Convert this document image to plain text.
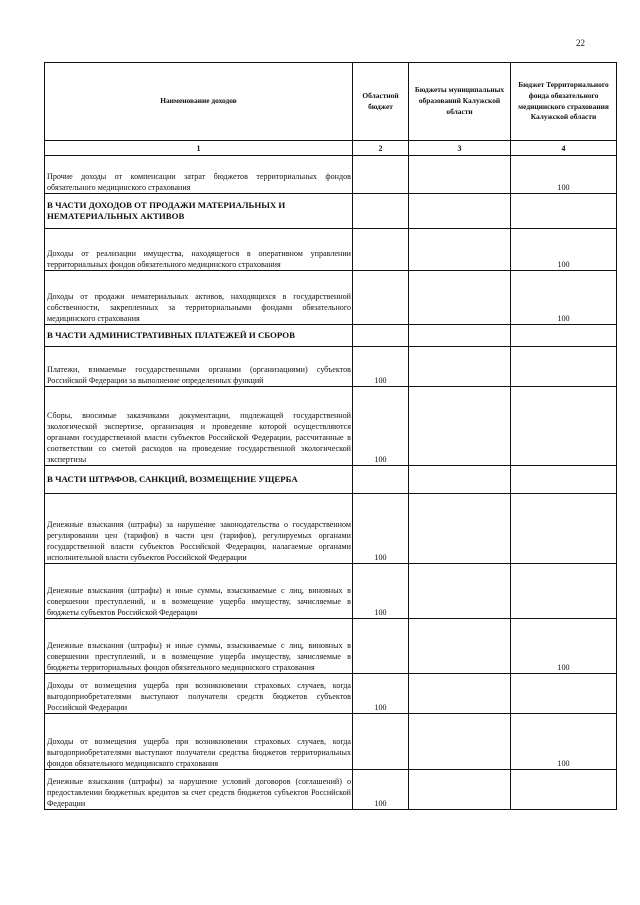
22
Наименование доходов	Областной бюджет	Бюджеты муниципальных образований Калужской области	Бюджет Территориального фонда обязательного медицинского страхования Калужской области
1	2	3	4
Прочие доходы от компенсации затрат бюджетов территориальных фондов обязательного медицинского страхования			100
В ЧАСТИ ДОХОДОВ ОТ ПРОДАЖИ МАТЕРИАЛЬНЫХ И НЕМАТЕРИАЛЬНЫХ АКТИВОВ			
Доходы от реализации имущества, находящегося в оперативном управлении территориальных фондов обязательного медицинского страхования			100
Доходы от продажи нематериальных активов, находящихся в государственной собственности, закрепленных за территориальными фондами обязательного медицинского страхования			100
В ЧАСТИ АДМИНИСТРАТИВНЫХ ПЛАТЕЖЕЙ И СБОРОВ			
Платежи, взимаемые государственными органами (организациями) субъектов Российской Федерации за выполнение определенных функций	100		
Сборы, вносимые заказчиками документации, подлежащей государственной экологической экспертизе, организация и проведение которой осуществляются органами государственной власти субъектов Российской Федерации, рассчитанные в соответствии со сметой расходов на проведение государственной экологической экспертизы	100		
В ЧАСТИ ШТРАФОВ, САНКЦИЙ, ВОЗМЕЩЕНИЕ УЩЕРБА			
Денежные взыскания (штрафы) за нарушение законодательства о государственном регулировании цен (тарифов) в части цен (тарифов), регулируемых органами государственной власти субъектов Российской Федерации, налагаемые органами исполнительной власти субъектов Российской Федерации	100		
Денежные взыскания (штрафы) и иные суммы, взыскиваемые с лиц, виновных в совершении преступлений, и в возмещение ущерба имуществу, зачисляемые в бюджеты субъектов Российской Федерации	100		
Денежные взыскания (штрафы) и иные суммы, взыскиваемые с лиц, виновных в совершении преступлений, и в возмещение ущерба имуществу, зачисляемые в бюджеты территориальных фондов обязательного медицинского страхования			100
Доходы от возмещения ущерба при возникновении страховых случаев, когда выгодоприобретателями выступают получатели средств бюджетов субъектов Российской Федерации	100		
Доходы от возмещения ущерба при возникновении страховых случаев, когда выгодоприобретателями выступают получатели средства бюджетов территориальных фондов обязательного медицинского страхования			100
Денежные взыскания (штрафы) за нарушение условий договоров (соглашений) о предоставлении бюджетных кредитов за счет средств бюджетов субъектов Российской Федерации	100		
